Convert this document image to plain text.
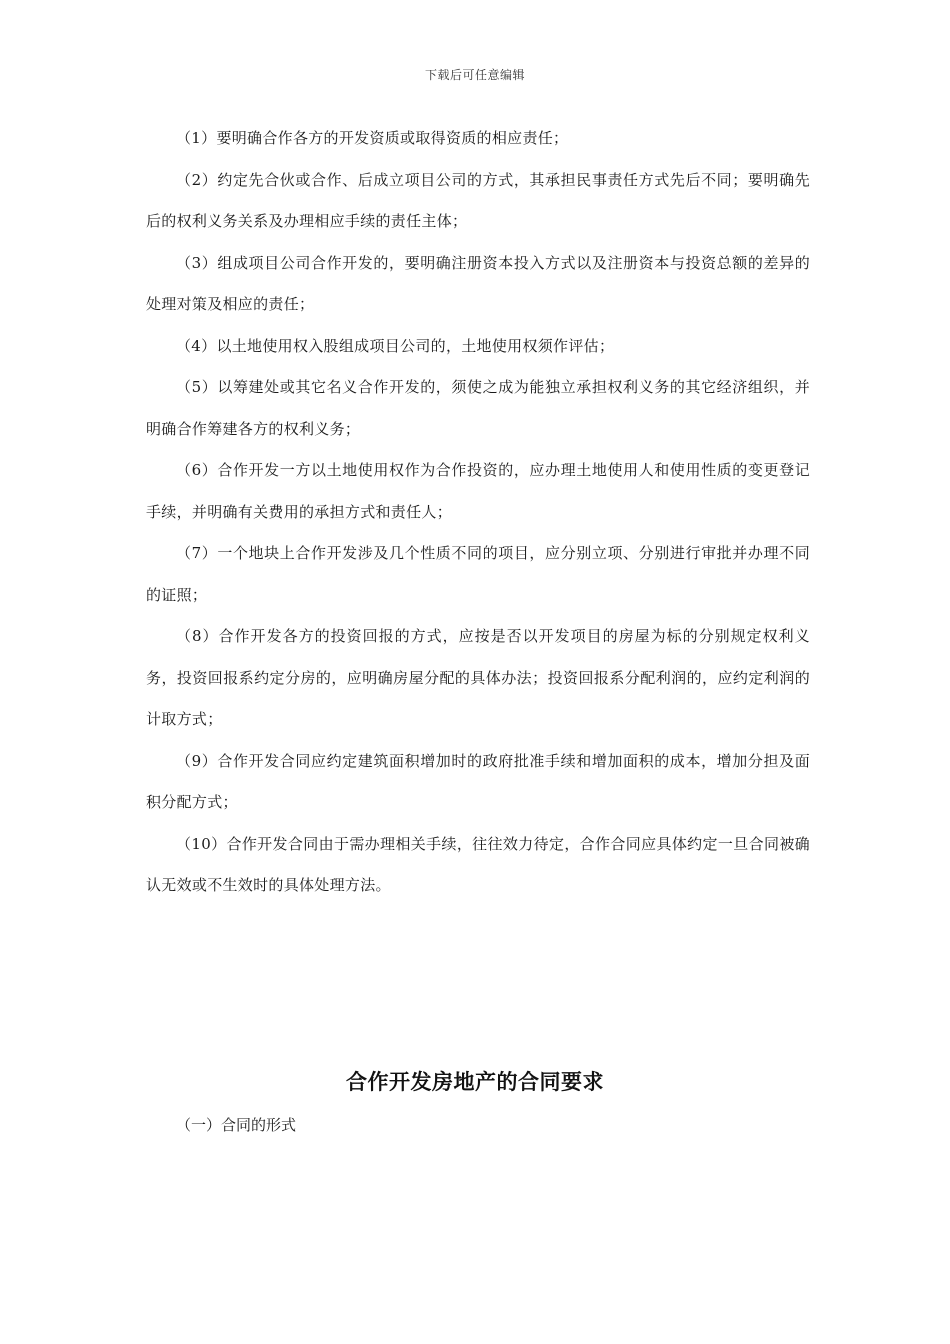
下载后可任意编辑

（1）要明确合作各方的开发资质或取得资质的相应责任；

（2）约定先合伙或合作、后成立项目公司的方式，其承担民事责任方式先后不同；要明确先后的权利义务关系及办理相应手续的责任主体；

（3）组成项目公司合作开发的，要明确注册资本投入方式以及注册资本与投资总额的差异的处理对策及相应的责任；

（4）以土地使用权入股组成项目公司的，土地使用权须作评估；

（5）以筹建处或其它名义合作开发的，须使之成为能独立承担权利义务的其它经济组织，并明确合作筹建各方的权利义务；

（6）合作开发一方以土地使用权作为合作投资的，应办理土地使用人和使用性质的变更登记手续，并明确有关费用的承担方式和责任人；

（7）一个地块上合作开发涉及几个性质不同的项目，应分别立项、分别进行审批并办理不同的证照；

（8）合作开发各方的投资回报的方式，应按是否以开发项目的房屋为标的分别规定权利义务，投资回报系约定分房的，应明确房屋分配的具体办法；投资回报系分配利润的，应约定利润的计取方式；

（9）合作开发合同应约定建筑面积增加时的政府批准手续和增加面积的成本，增加分担及面积分配方式；

（10）合作开发合同由于需办理相关手续，往往效力待定，合作合同应具体约定一旦合同被确认无效或不生效时的具体处理方法。

合作开发房地产的合同要求

（一）合同的形式
